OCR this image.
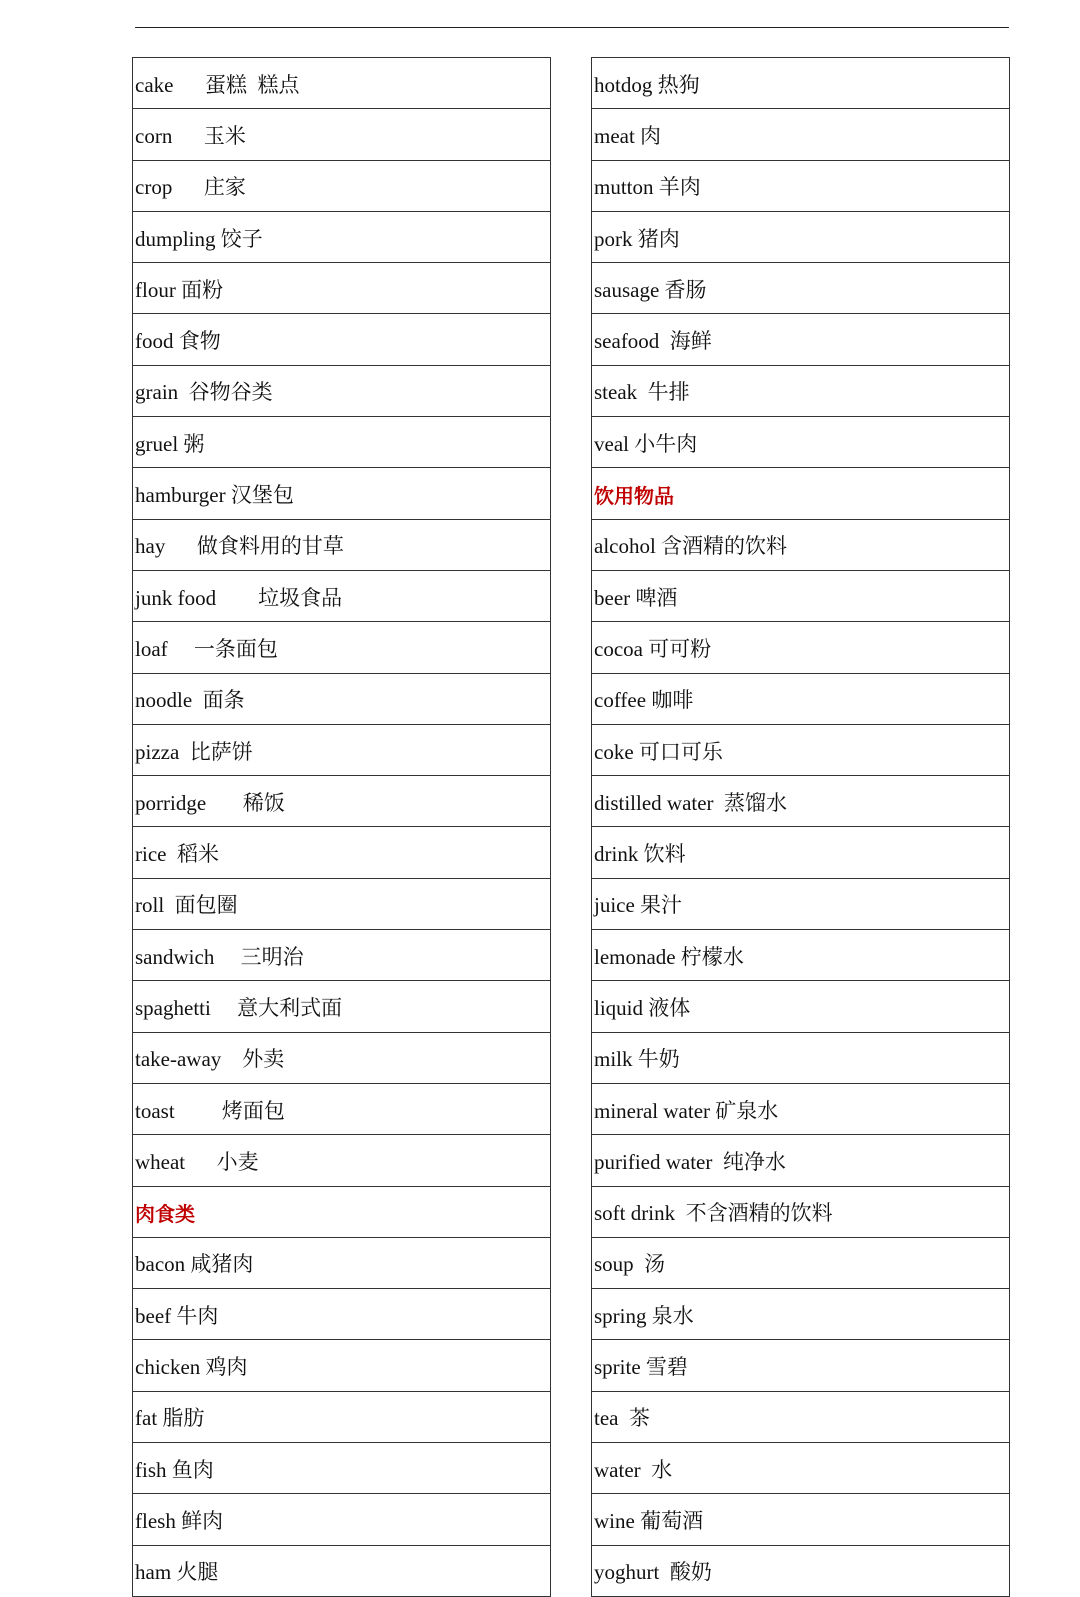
cake      蛋糕  糕点
corn      玉米
crop      庄家
dumpling 饺子
flour 面粉
food 食物
grain  谷物谷类
gruel 粥
hamburger 汉堡包
hay      做食料用的甘草
junk food        垃圾食品
loaf     一条面包
noodle  面条
pizza  比萨饼
porridge       稀饭
rice  稻米
roll  面包圈
sandwich     三明治
spaghetti     意大利式面
take-away    外卖
toast         烤面包
wheat      小麦
肉食类
bacon 咸猪肉
beef 牛肉
chicken 鸡肉
fat 脂肪
fish 鱼肉
flesh 鲜肉
ham 火腿
hotdog 热狗
meat 肉
mutton 羊肉
pork 猪肉
sausage 香肠
seafood  海鲜
steak  牛排
veal 小牛肉
饮用物品
alcohol 含酒精的饮料
beer 啤酒
cocoa 可可粉
coffee 咖啡
coke 可口可乐
distilled water  蒸馏水
drink 饮料
juice 果汁
lemonade 柠檬水
liquid 液体
milk 牛奶
mineral water 矿泉水
purified water  纯净水
soft drink  不含酒精的饮料
soup  汤
spring 泉水
sprite 雪碧
tea  茶
water  水
wine 葡萄酒
yoghurt  酸奶
